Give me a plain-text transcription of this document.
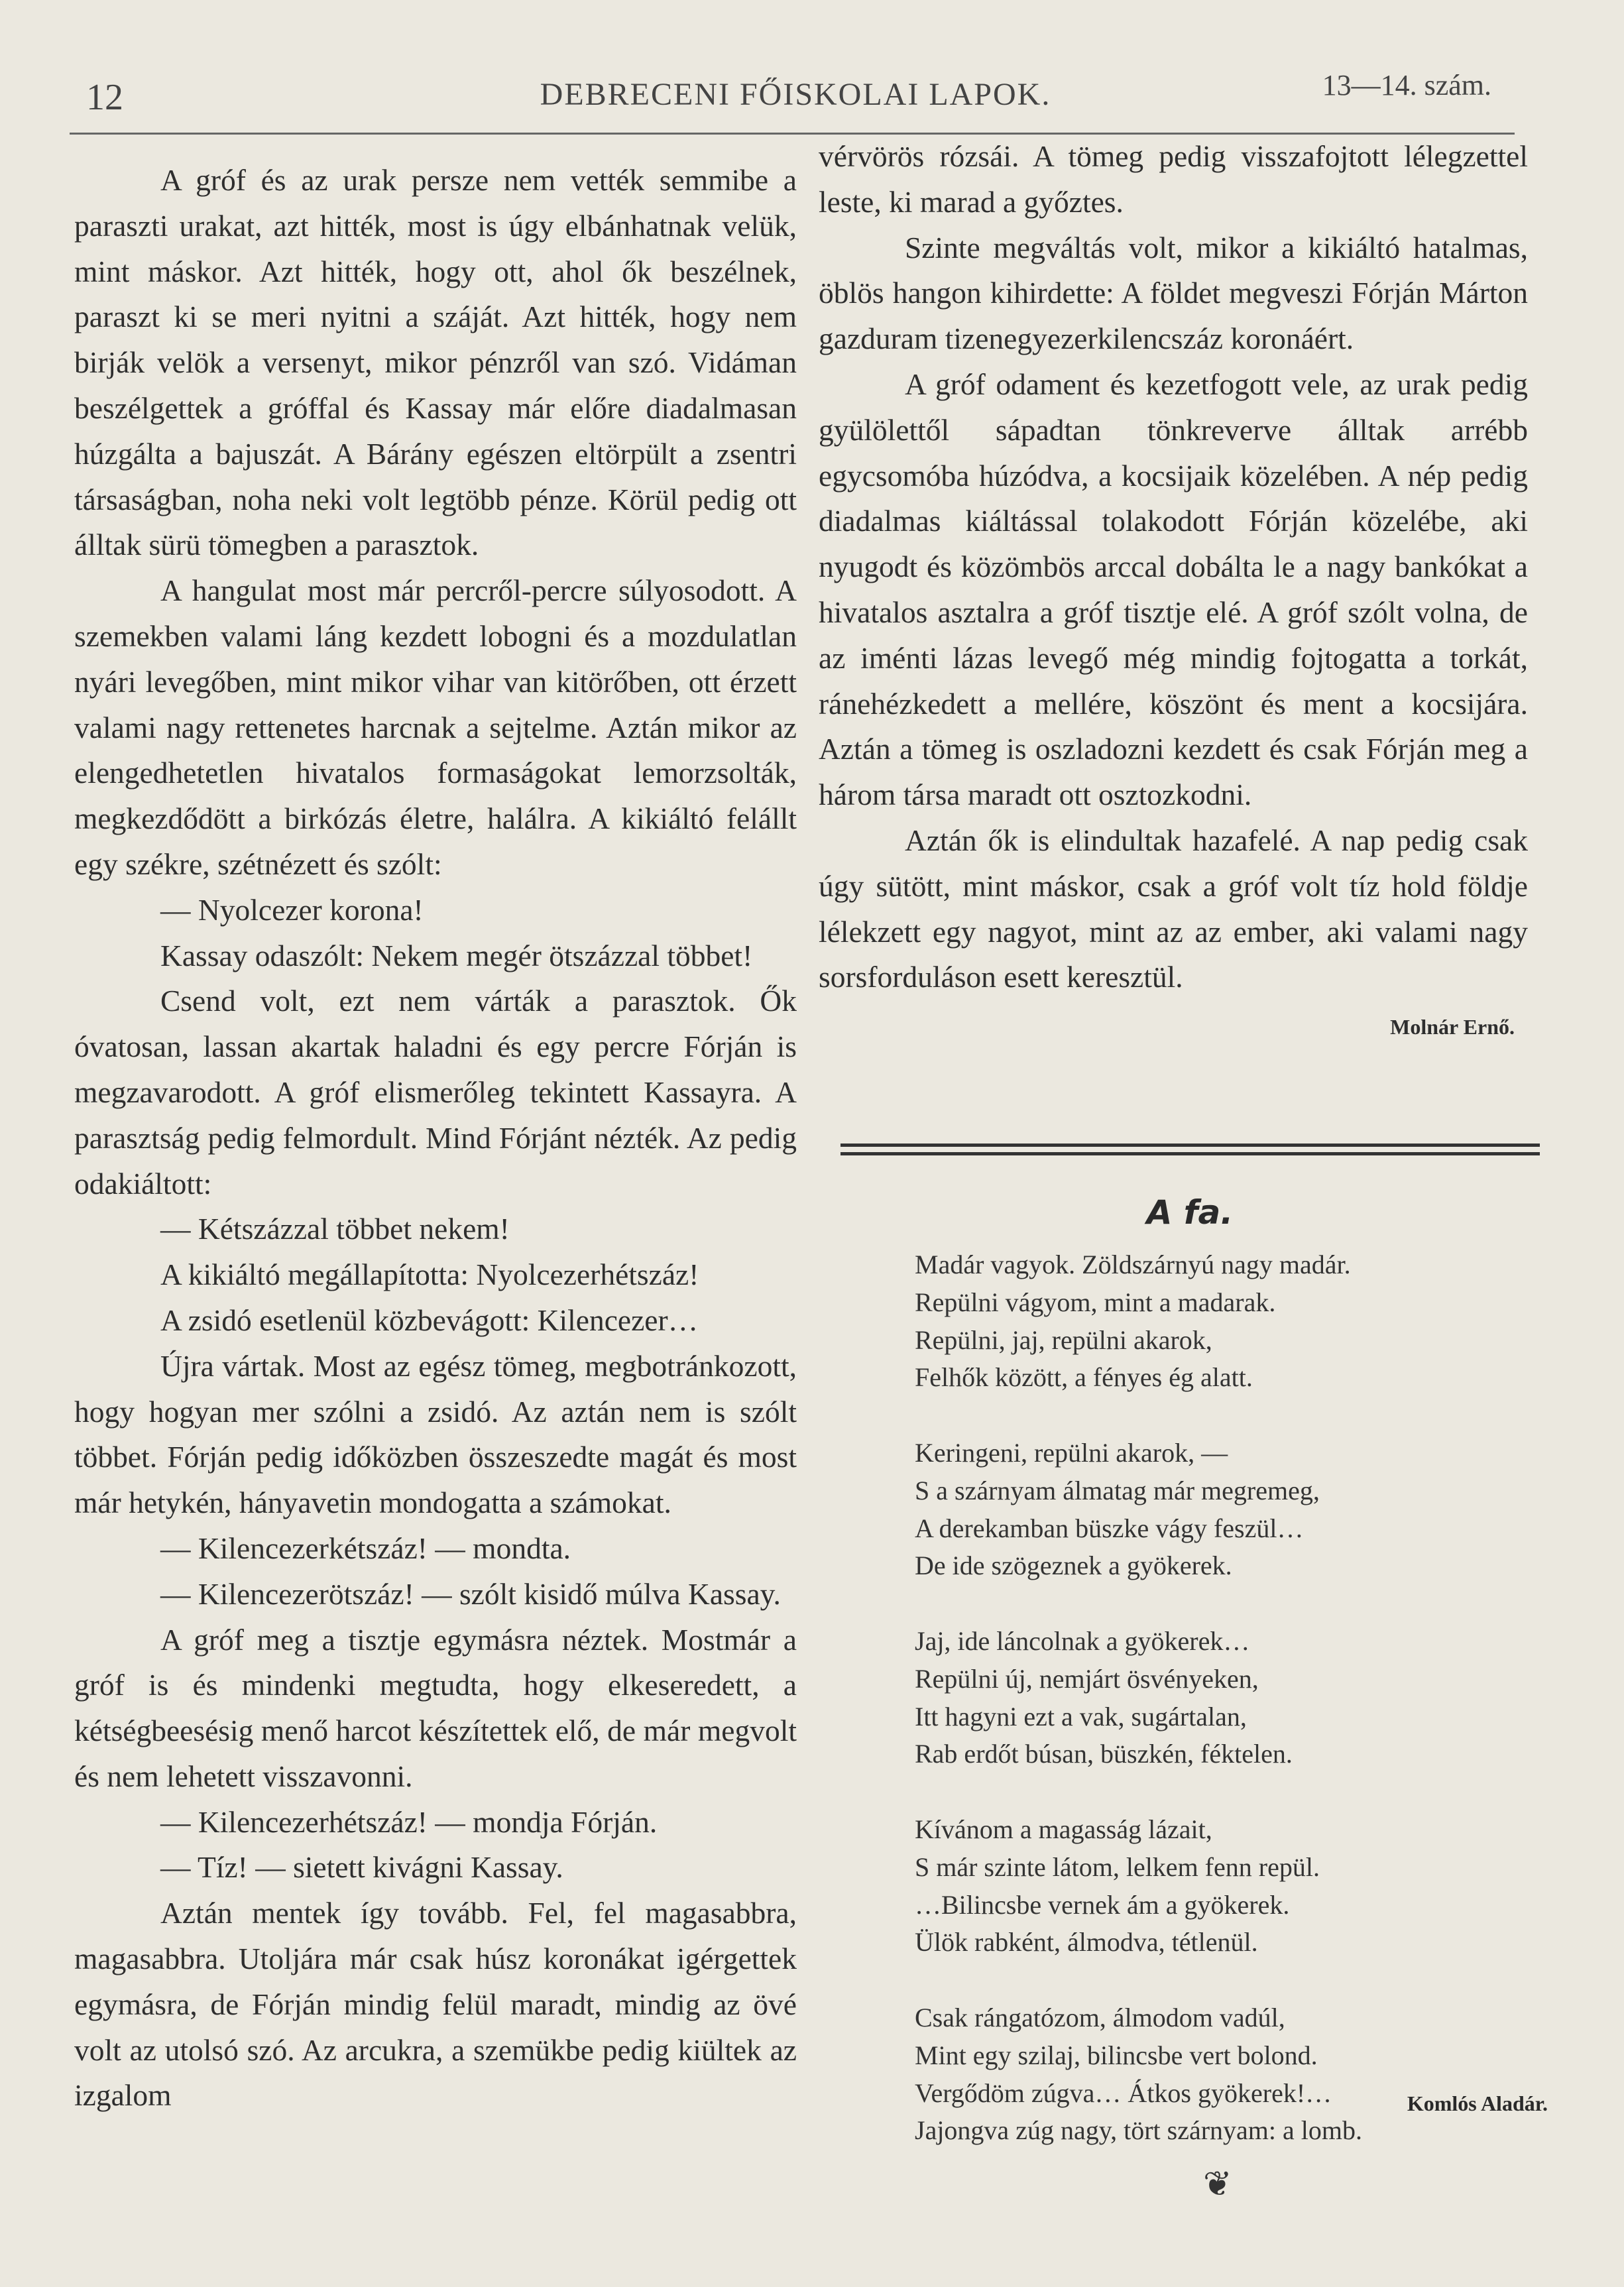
12	DEBRECENI FŐISKOLAI LAPOK.	13—14. szám.

A gróf és az urak persze nem vették semmibe a paraszti urakat, azt hitték, most is úgy elbánhatnak velük, mint máskor. Azt hitték, hogy ott, ahol ők beszélnek, paraszt ki se meri nyitni a száját. Azt hitték, hogy nem birják velök a versenyt, mikor pénzről van szó. Vidáman beszélgettek a gróffal és Kassay már előre diadalmasan húzgálta a bajuszát. A Bárány egészen eltörpült a zsentri társaságban, noha neki volt legtöbb pénze. Körül pedig ott álltak sürü tömegben a parasztok.

A hangulat most már percről-percre súlyosodott. A szemekben valami láng kezdett lobogni és a mozdulatlan nyári levegőben, mint mikor vihar van kitörőben, ott érzett valami nagy rettenetes harcnak a sejtelme. Aztán mikor az elengedhetetlen hivatalos formaságokat lemorzsolták, megkezdődött a birkózás életre, halálra. A kikiáltó felállt egy székre, szétnézett és szólt:

— Nyolcezer korona!

Kassay odaszólt: Nekem megér ötszázzal többet!

Csend volt, ezt nem várták a parasztok. Ők óvatosan, lassan akartak haladni és egy percre Fórján is megzavarodott. A gróf elismerőleg tekintett Kassayra. A parasztság pedig felmordult. Mind Fórjánt nézték. Az pedig odakiáltott:

— Kétszázzal többet nekem!

A kikiáltó megállapította: Nyolcezerhétszáz!

A zsidó esetlenül közbevágott: Kilencezer…

Újra vártak. Most az egész tömeg, megbotránkozott, hogy hogyan mer szólni a zsidó. Az aztán nem is szólt többet. Fórján pedig időközben összeszedte magát és most már hetykén, hányavetin mondogatta a számokat.

— Kilencezerkétszáz! — mondta.

— Kilencezerötszáz! — szólt kisidő múlva Kassay.

A gróf meg a tisztje egymásra néztek. Mostmár a gróf is és mindenki megtudta, hogy elkeseredett, a kétségbeesésig menő harcot készítettek elő, de már megvolt és nem lehetett visszavonni.

— Kilencezerhétszáz! — mondja Fórján.

— Tíz! — sietett kivágni Kassay.

Aztán mentek így tovább. Fel, fel magasabbra, magasabbra. Utoljára már csak húsz koronákat igérgettek egymásra, de Fórján mindig felül maradt, mindig az övé volt az utolsó szó. Az arcukra, a szemükbe pedig kiültek az izgalom

vérvörös rózsái. A tömeg pedig visszafojtott lélegzettel leste, ki marad a győztes.

Szinte megváltás volt, mikor a kikiáltó hatalmas, öblös hangon kihirdette: A földet megveszi Fórján Márton gazduram tizenegyezerkilencszáz koronáért.

A gróf odament és kezetfogott vele, az urak pedig gyülölettől sápadtan tönkreverve álltak arrébb egycsomóba húzódva, a kocsijaik közelében. A nép pedig diadalmas kiáltással tolakodott Fórján közelébe, aki nyugodt és közömbös arccal dobálta le a nagy bankókat a hivatalos asztalra a gróf tisztje elé. A gróf szólt volna, de az iménti lázas levegő még mindig fojtogatta a torkát, ránehézkedett a mellére, köszönt és ment a kocsijára. Aztán a tömeg is oszladozni kezdett és csak Fórján meg a három társa maradt ott osztozkodni.

Aztán ők is elindultak hazafelé. A nap pedig csak úgy sütött, mint máskor, csak a gróf volt tíz hold földje lélekzett egy nagyot, mint az az ember, aki valami nagy sorsforduláson esett keresztül.

Molnár Ernő.
A fa.
Madár vagyok. Zöldszárnyú nagy madár.
Repülni vágyom, mint a madarak.
Repülni, jaj, repülni akarok,
Felhők között, a fényes ég alatt.
Keringeni, repülni akarok, —
S a szárnyam álmatag már megremeg,
A derekamban büszke vágy feszül…
De ide szögeznek a gyökerek.
Jaj, ide láncolnak a gyökerek…
Repülni új, nemjárt ösvényeken,
Itt hagyni ezt a vak, sugártalan,
Rab erdőt búsan, büszkén, féktelen.
Kívánom a magasság lázait,
S már szinte látom, lelkem fenn repül.
…Bilincsbe vernek ám a gyökerek.
Ülök rabként, álmodva, tétlenül.
Csak rángatózom, álmodom vadúl,
Mint egy szilaj, bilincsbe vert bolond.
Vergődöm zúgva… Átkos gyökerek!…
Jajongva zúg nagy, tört szárnyam: a lomb.
Komlós Aladár.
❦
